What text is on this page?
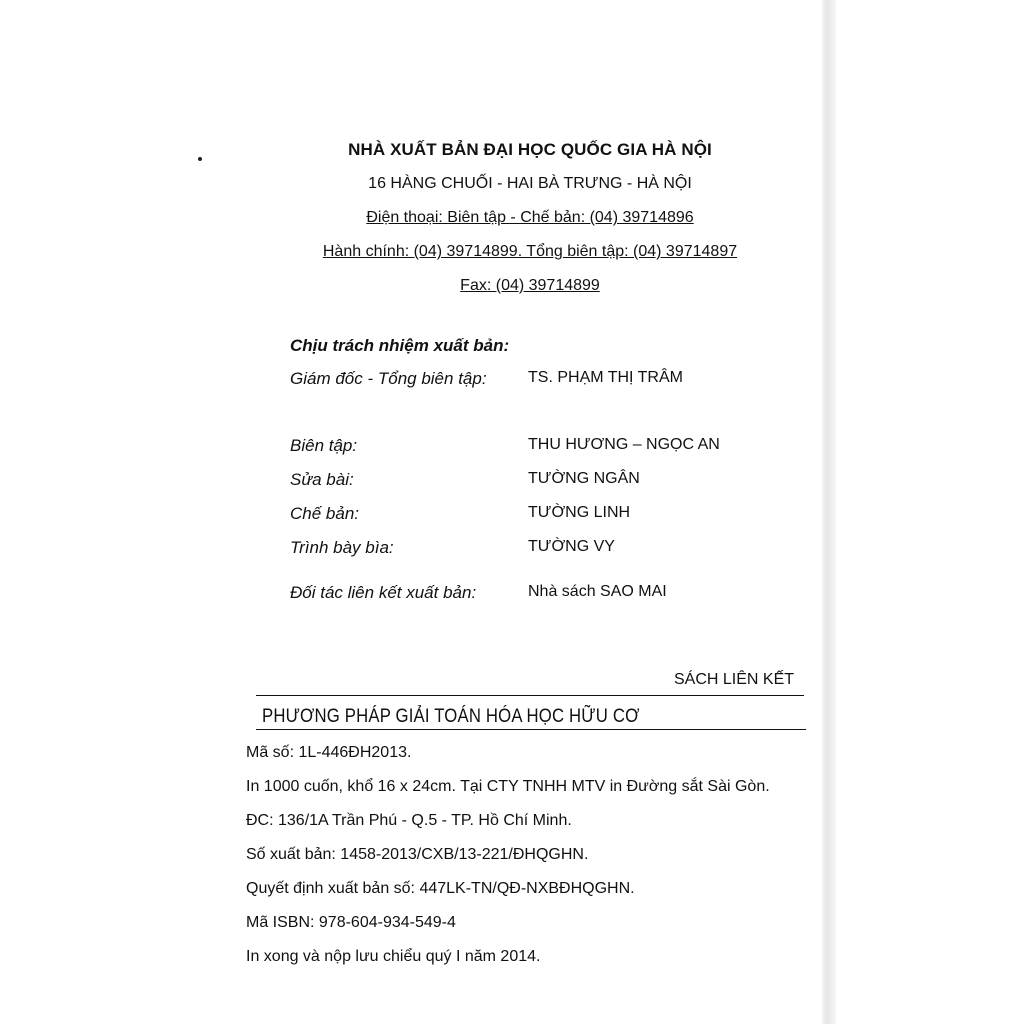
NHÀ XUẤT BẢN ĐẠI HỌC QUỐC GIA HÀ NỘI
16 HÀNG CHUỐI - HAI BÀ TRƯNG - HÀ NỘI
Điện thoại: Biên tập - Chế bản: (04) 39714896
Hành chính: (04) 39714899. Tổng biên tập: (04) 39714897
Fax: (04) 39714899
Chịu trách nhiệm xuất bản:
Giám đốc - Tổng biên tập:	TS. PHẠM THỊ TRÂM
Biên tập:	THU HƯƠNG – NGỌC AN
Sửa bài:	TƯỜNG NGÂN
Chế bản:	TƯỜNG LINH
Trình bày bìa:	TƯỜNG VY
Đối tác liên kết xuất bản:	Nhà sách SAO MAI
SÁCH LIÊN KẾT
PHƯƠNG PHÁP GIẢI TOÁN HÓA HỌC HỮU CƠ
Mã số: 1L-446ĐH2013.
In 1000 cuốn, khổ 16 x 24cm. Tại CTY TNHH MTV in Đường sắt Sài Gòn.
ĐC: 136/1A Trần Phú - Q.5 - TP. Hồ Chí Minh.
Số xuất bản: 1458-2013/CXB/13-221/ĐHQGHN.
Quyết định xuất bản số: 447LK-TN/QĐ-NXBĐHQGHN.
Mã ISBN: 978-604-934-549-4
In xong và nộp lưu chiểu quý I năm 2014.
